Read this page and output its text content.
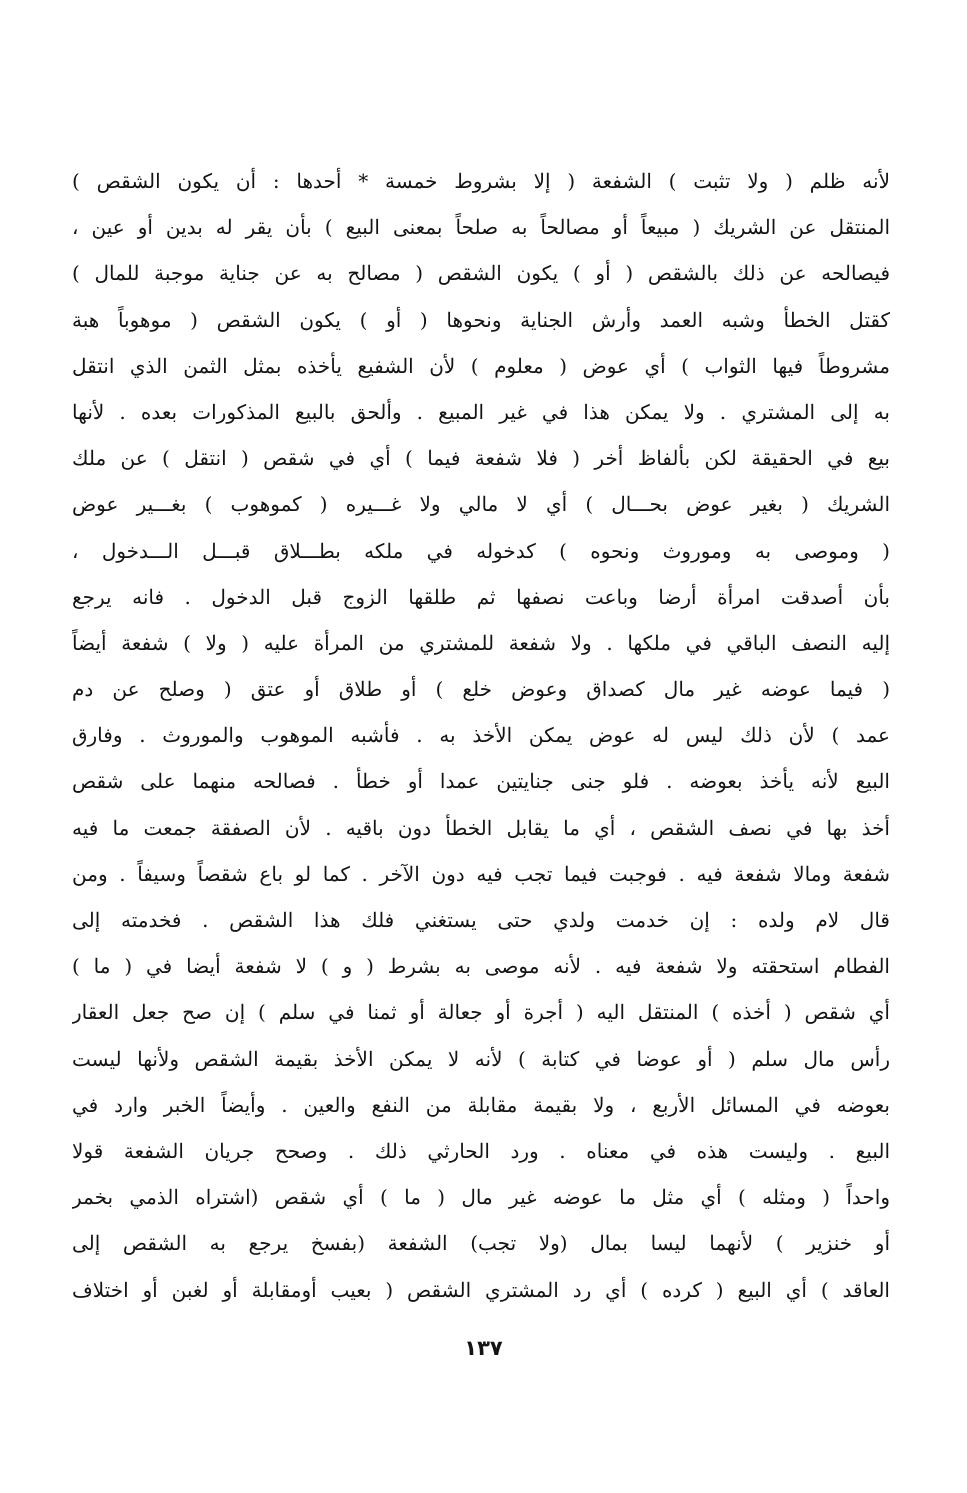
لأنه ظلم ( ولا تثبت ) الشفعة ( إلا بشروط خمسة * أحدها : أن يكون الشقص )
المنتقل عن الشريك ( مبيعاً أو مصالحاً به صلحاً بمعنى البيع ) بأن يقر له بدين أو عين ،
فيصالحه عن ذلك بالشقص ( أو ) يكون الشقص ( مصالح به عن جناية موجبة للمال )
كقتل الخطأ وشبه العمد وأرش الجناية ونحوها ( أو ) يكون الشقص ( موهوباً هبة
مشروطاً فيها الثواب ) أي عوض ( معلوم ) لأن الشفيع يأخذه بمثل الثمن الذي انتقل
به إلى المشتري . ولا يمكن هذا في غير المبيع . وألحق بالبيع المذكورات بعده . لأنها
بيع في الحقيقة لكن بألفاظ أخر ( فلا شفعة فيما ) أي في شقص ( انتقل ) عن ملك
الشريك ( بغير عوض بحـــال ) أي لا مالي ولا غـــيره ( كموهوب ) بغـــير عوض
( وموصى به وموروث ونحوه ) كدخوله في ملكه بطـــلاق قبـــل الـــدخول ،
بأن أصدقت امرأة أرضا وباعت نصفها ثم طلقها الزوج قبل الدخول . فانه يرجع
إليه النصف الباقي في ملكها . ولا شفعة للمشتري من المرأة عليه ( ولا ) شفعة أيضاً
( فيما عوضه غير مال كصداق وعوض خلع ) أو طلاق أو عتق ( وصلح عن دم
عمد ) لأن ذلك ليس له عوض يمكن الأخذ به . فأشبه الموهوب والموروث . وفارق
البيع لأنه يأخذ بعوضه . فلو جنى جنايتين عمدا أو خطأ . فصالحه منهما على شقص
أخذ بها في نصف الشقص ، أي ما يقابل الخطأ دون باقيه . لأن الصفقة جمعت ما فيه
شفعة ومالا شفعة فيه . فوجبت فيما تجب فيه دون الآخر . كما لو باع شقصاً وسيفاً . ومن
قال لام ولده : إن خدمت ولدي حتى يستغني فلك هذا الشقص . فخدمته إلى
الفطام استحقته ولا شفعة فيه . لأنه موصى به بشرط ( و ) لا شفعة أيضا في ( ما )
أي شقص ( أخذه ) المنتقل اليه ( أجرة أو جعالة أو ثمنا في سلم ) إن صح جعل العقار
رأس مال سلم ( أو عوضا في كتابة ) لأنه لا يمكن الأخذ بقيمة الشقص ولأنها ليست
بعوضه في المسائل الأربع ، ولا بقيمة مقابلة من النفع والعين . وأيضاً الخبر وارد في
البيع . وليست هذه في معناه . ورد الحارثي ذلك . وصحح جريان الشفعة قولا
واحداً ( ومثله ) أي مثل ما عوضه غير مال ( ما ) أي شقص (اشتراه الذمي بخمر
أو خنزير ) لأنهما ليسا بمال (ولا تجب) الشفعة (بفسخ يرجع به الشقص إلى
العاقد ) أي البيع ( كرده ) أي رد المشتري الشقص ( بعيب أومقابلة أو لغبن أو اختلاف
١٣٧
